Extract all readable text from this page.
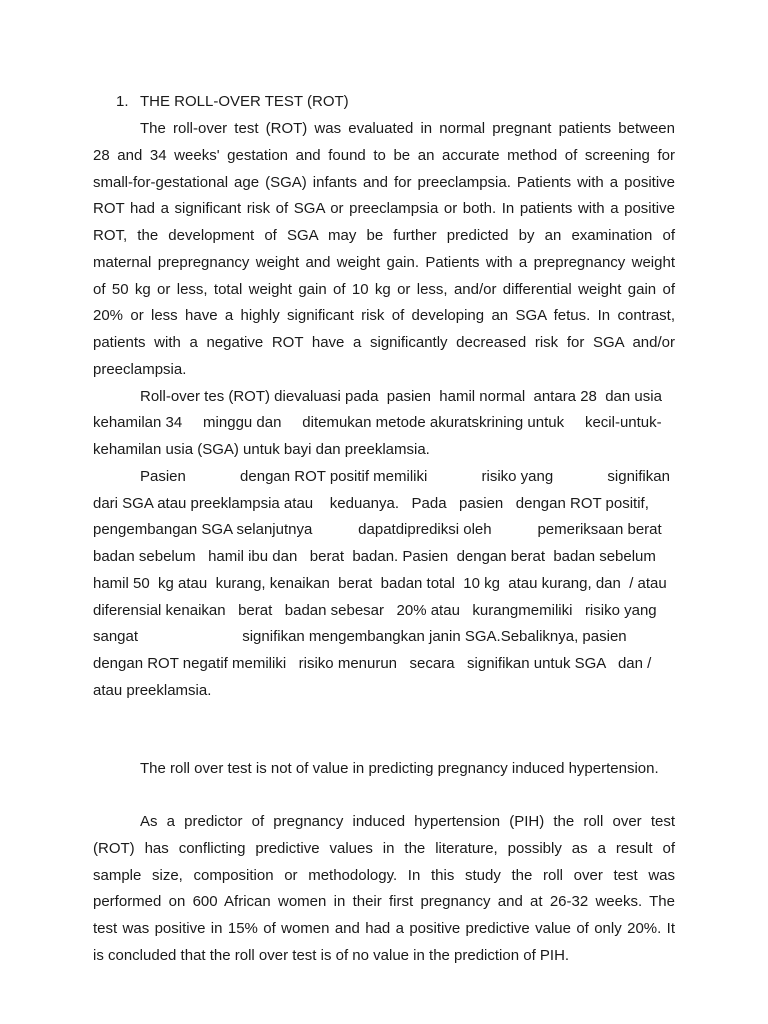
1. THE ROLL-OVER TEST (ROT)
The roll-over test (ROT) was evaluated in normal pregnant patients between
28 and 34 weeks' gestation and found to be an accurate method of screening for
small-for-gestational age (SGA) infants and for preeclampsia. Patients with a positive
ROT had a significant risk of SGA or preeclampsia or both. In patients with a positive
ROT, the development of SGA may be further predicted by an examination of
maternal prepregnancy weight and weight gain. Patients with a prepregnancy weight
of 50 kg or less, total weight gain of 10 kg or less, and/or differential weight gain of
20% or less have a highly significant risk of developing an SGA fetus. In contrast,
patients with a negative ROT have a significantly decreased risk for SGA and/or
preeclampsia.
Roll-over tes (ROT) dievaluasi pada  pasien  hamil normal  antara 28  dan usia
kehamilan 34     minggu dan     ditemukan metode akuratskrining untuk     kecil-untuk-
kehamilan usia (SGA) untuk bayi dan preeklamsia.
Pasien             dengan ROT positif memiliki             risiko yang             signifikan
dari SGA atau preeklampsia atau    keduanya.   Pada   pasien   dengan ROT positif,
pengembangan SGA selanjutnya           dapatdiprediksi oleh           pemeriksaan berat
badan sebelum   hamil ibu dan   berat  badan. Pasien  dengan berat  badan sebelum
hamil 50  kg atau  kurang, kenaikan  berat  badan total  10 kg  atau kurang, dan  / atau
diferensial kenaikan   berat   badan sebesar   20% atau   kurangmemiliki   risiko yang
sangat                         signifikan mengembangkan janin SGA.Sebaliknya, pasien
dengan ROT negatif memiliki   risiko menurun   secara   signifikan untuk SGA   dan /
atau preeklamsia.
The roll over test is not of value in predicting pregnancy induced hypertension.
As a predictor of pregnancy induced hypertension (PIH) the roll over test
(ROT) has conflicting predictive values in the literature, possibly as a result of
sample size, composition or methodology. In this study the roll over test was
performed on 600 African women in their first pregnancy and at 26-32 weeks. The
test was positive in 15% of women and had a positive predictive value of only 20%. It
is concluded that the roll over test is of no value in the prediction of PIH.
